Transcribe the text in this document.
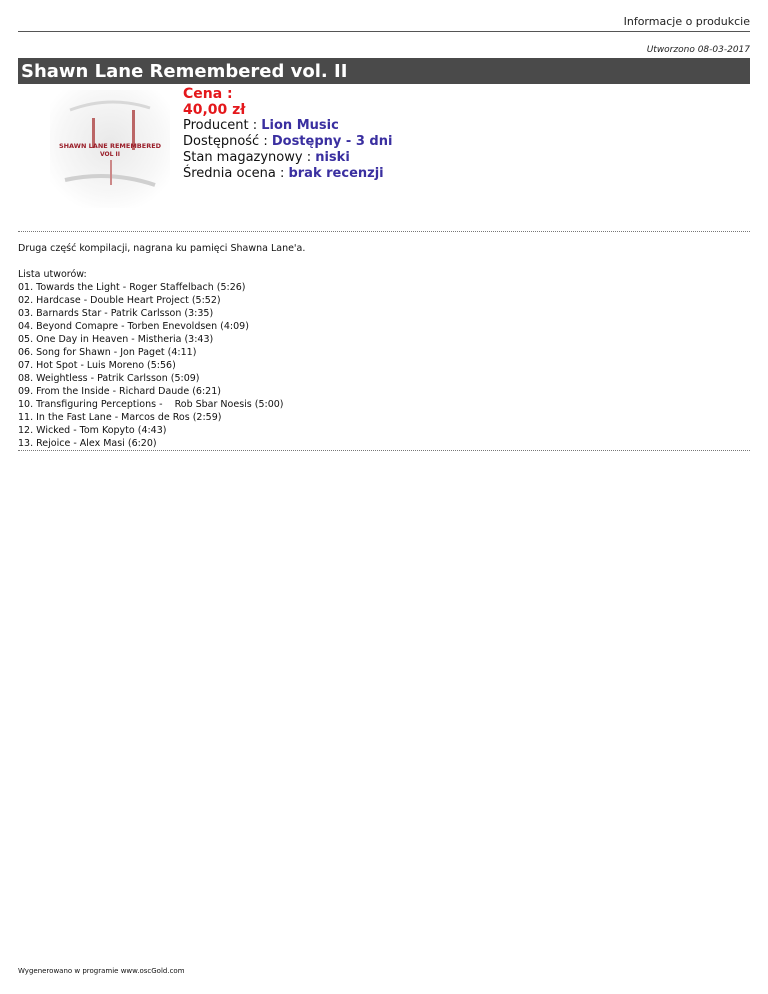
Informacje o produkcie
Utworzono 08-03-2017
Shawn Lane Remembered vol. II
SHAWN LANE REMEMBERED
VOL II
Cena :
40,00 zł
Producent : Lion Music
Dostępność : Dostępny - 3 dni
Stan magazynowy : niski
Średnia ocena : brak recenzji

Druga część kompilacji, nagrana ku pamięci Shawna Lane'a.

Lista utworów:

01. Towards the Light - Roger Staffelbach (5:26)

02. Hardcase - Double Heart Project (5:52)

03. Barnards Star - Patrik Carlsson (3:35)

04. Beyond Comapre - Torben Enevoldsen (4:09)

05. One Day in Heaven - Mistheria (3:43)

06. Song for Shawn - Jon Paget (4:11)

07. Hot Spot - Luis Moreno (5:56)

08. Weightless - Patrik Carlsson (5:09)

09. From the Inside - Richard Daude (6:21)

10. Transfiguring Perceptions -    Rob Sbar Noesis (5:00)

11. In the Fast Lane - Marcos de Ros (2:59)

12. Wicked - Tom Kopyto (4:43)

13. Rejoice - Alex Masi (6:20)

Wygenerowano w programie www.oscGold.com
